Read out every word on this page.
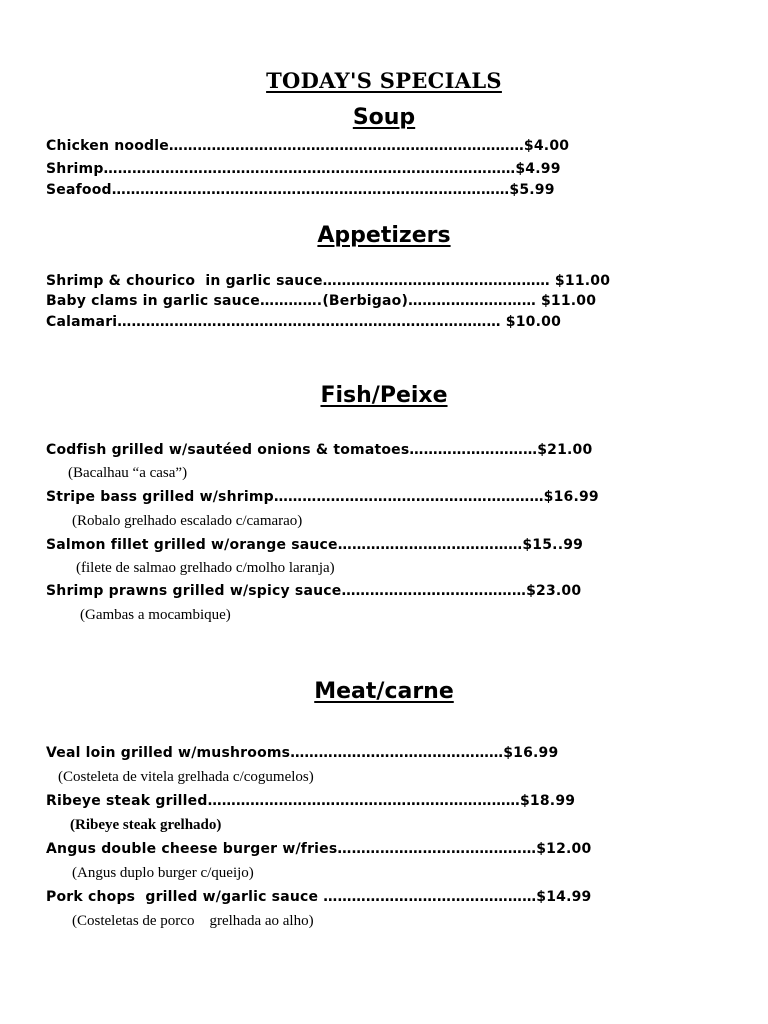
TODAY'S SPECIALS
Soup
Chicken noodle…………………………………………………………………$4.00
Shrimp……………………………………………………………………………$4.99
Seafood…………………………………………………………………………$5.99
Appetizers
Shrimp & chourico  in garlic sauce………………………………………… $11.00
Baby clams in garlic sauce………….(Berbigao)……………………… $11.00
Calamari……………………………………………………………………… $10.00
Fish/Peixe
Codfish grilled w/sautéed onions & tomatoes………………………$21.00
(Bacalhau “a casa”)
Stripe bass grilled w/shrimp…………………………………………………$16.99
(Robalo grelhado escalado c/camarao)
Salmon fillet grilled w/orange sauce…………………………………$15..99
(filete de salmao grelhado c/molho laranja)
Shrimp prawns grilled w/spicy sauce…………………………………$23.00
(Gambas a mocambique)
Meat/carne
Veal loin grilled w/mushrooms………………………………………$16.99
(Costeleta de vitela grelhada c/cogumelos)
Ribeye steak grilled…………………………………………………………$18.99
(Ribeye steak grelhado)
Angus double cheese burger w/fries……………………………………$12.00
(Angus duplo burger c/queijo)
Pork chops  grilled w/garlic sauce ………………………………………$14.99
(Costeletas de porco    grelhada ao alho)
